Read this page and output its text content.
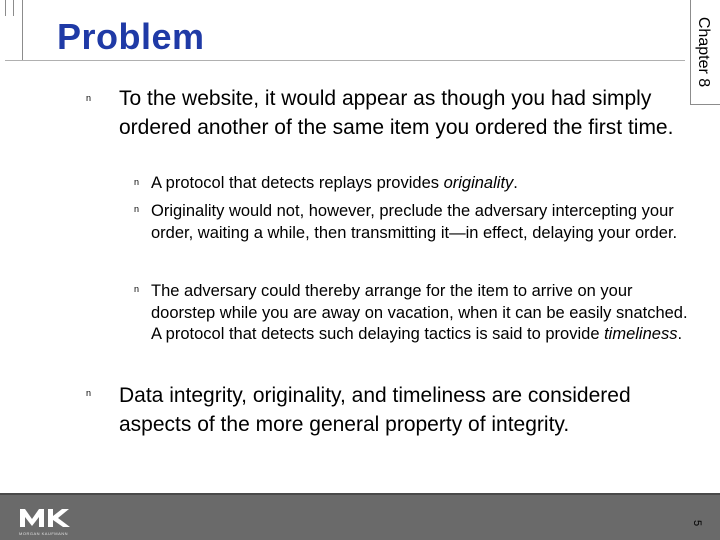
Problem	Chapter 8
n To the website, it would appear as though you had simply ordered another of the same item you ordered the first time.
n A protocol that detects replays provides originality.
n Originality would not, however, preclude the adversary intercepting your order, waiting a while, then transmitting it—in effect, delaying your order.
n The adversary could thereby arrange for the item to arrive on your doorstep while you are away on vacation, when it can be easily snatched. A protocol that detects such delaying tactics is said to provide timeliness.
n Data integrity, originality, and timeliness are considered aspects of the more general property of integrity.
MORGAN KAUFMANN
5
